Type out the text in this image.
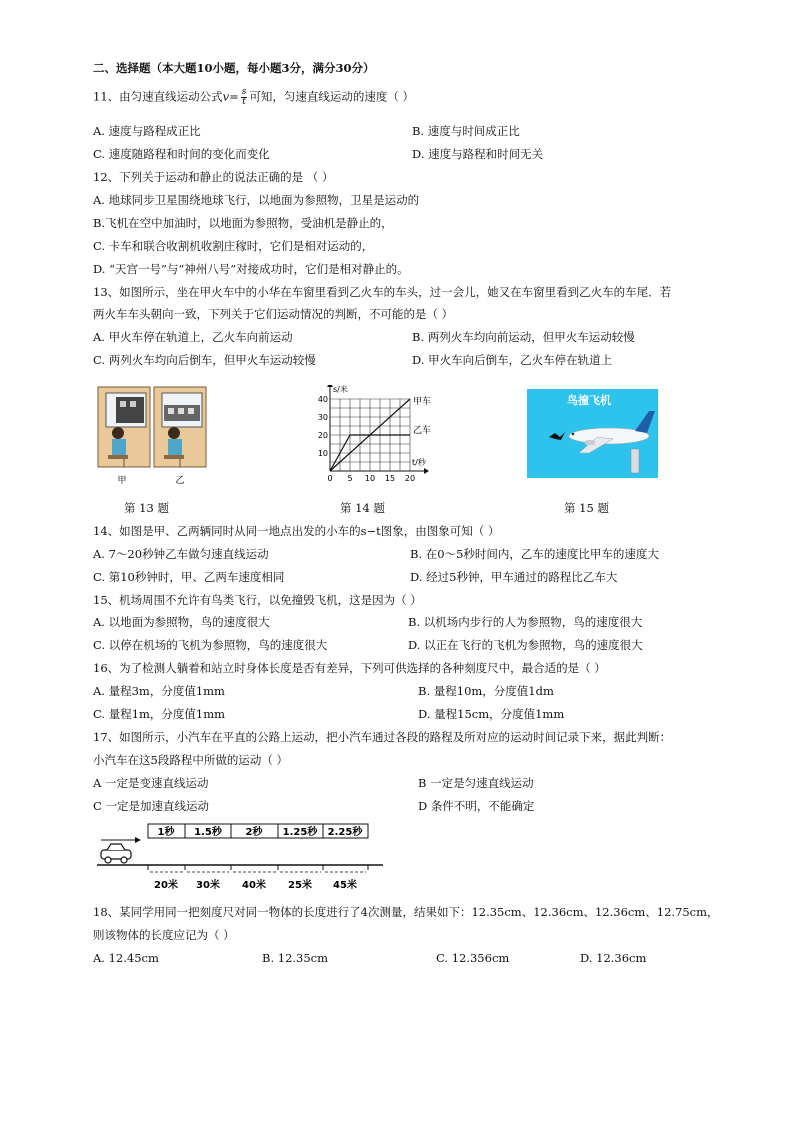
二、选择题（本大题10小题，每小题3分，满分30分）
11、由匀速直线运动公式$v= \frac{s}{t}$ 可知，匀速直线运动的速度（ ）
A. 速度与路程成正比	B. 速度与时间成正比
C. 速度随路程和时间的变化而变化	D. 速度与路程和时间无关
12、下列关于运动和静止的说法正确的是 （ ）
A. 地球同步卫星围绕地球飞行，以地面为参照物，卫星是运动的
B.飞机在空中加油时，以地面为参照物，受油机是静止的，
C. 卡车和联合收割机收割庄稼时，它们是相对运动的，
D. “天宫一号”与“神州八号”对接成功时，它们是相对静止的。
13、如图所示，坐在甲火车中的小华在车窗里看到乙火车的车头，过一会儿，她又在车窗里看到乙火车的车尾．若
两火车车头朝向一致，下列关于它们运动情况的判断，不可能的是（ ）
A. 甲火车停在轨道上，乙火车向前运动	B. 两列火车均向前运动，但甲火车运动较慢
C. 两列火车均向后倒车，但甲火车运动较慢	D. 甲火车向后倒车，乙火车停在轨道上
甲	乙
第 13 题
0 5 10 15 20
10
20
30
40
s/米
t/秒
甲车
乙车
第 14 题
鸟撞飞机
第 15 题
14、如图是甲、乙两辆同时从同一地点出发的小车的s−t图象，由图象可知（ ）
A. 7～20秒钟乙车做匀速直线运动	B. 在0～5秒时间内，乙车的速度比甲车的速度大
C. 第10秒钟时，甲、乙两车速度相同	D. 经过5秒钟，甲车通过的路程比乙车大
15、机场周围不允许有鸟类飞行，以免撞毁飞机，这是因为（ ）
A. 以地面为参照物，鸟的速度很大	B. 以机场内步行的人为参照物，鸟的速度很大
C. 以停在机场的飞机为参照物，鸟的速度很大	D. 以正在飞行的飞机为参照物，鸟的速度很大
16、为了检测人躺着和站立时身体长度是否有差异，下列可供选择的各种刻度尺中，最合适的是（ ）
A. 量程3m，分度值1mm	B. 量程10m，分度值1dm
C. 量程1m，分度值1mm	D. 量程15cm，分度值1mm
17、如图所示，小汽车在平直的公路上运动，把小汽车通过各段的路程及所对应的运动时间记录下来，据此判断：
小汽车在这5段路程中所做的运动（ ）
A 一定是变速直线运动	B 一定是匀速直线运动
C 一定是加速直线运动	D 条件不明，不能确定
1秒 1.5秒 2秒 1.25秒 2.25秒
20米 30米 40米 25米 45米
18、某同学用同一把刻度尺对同一物体的长度进行了4次测量，结果如下：12.35cm、12.36cm、12.36cm、12.75cm，
则该物体的长度应记为（ ）
A. 12.45cm	B. 12.35cm	C. 12.356cm	D. 12.36cm
